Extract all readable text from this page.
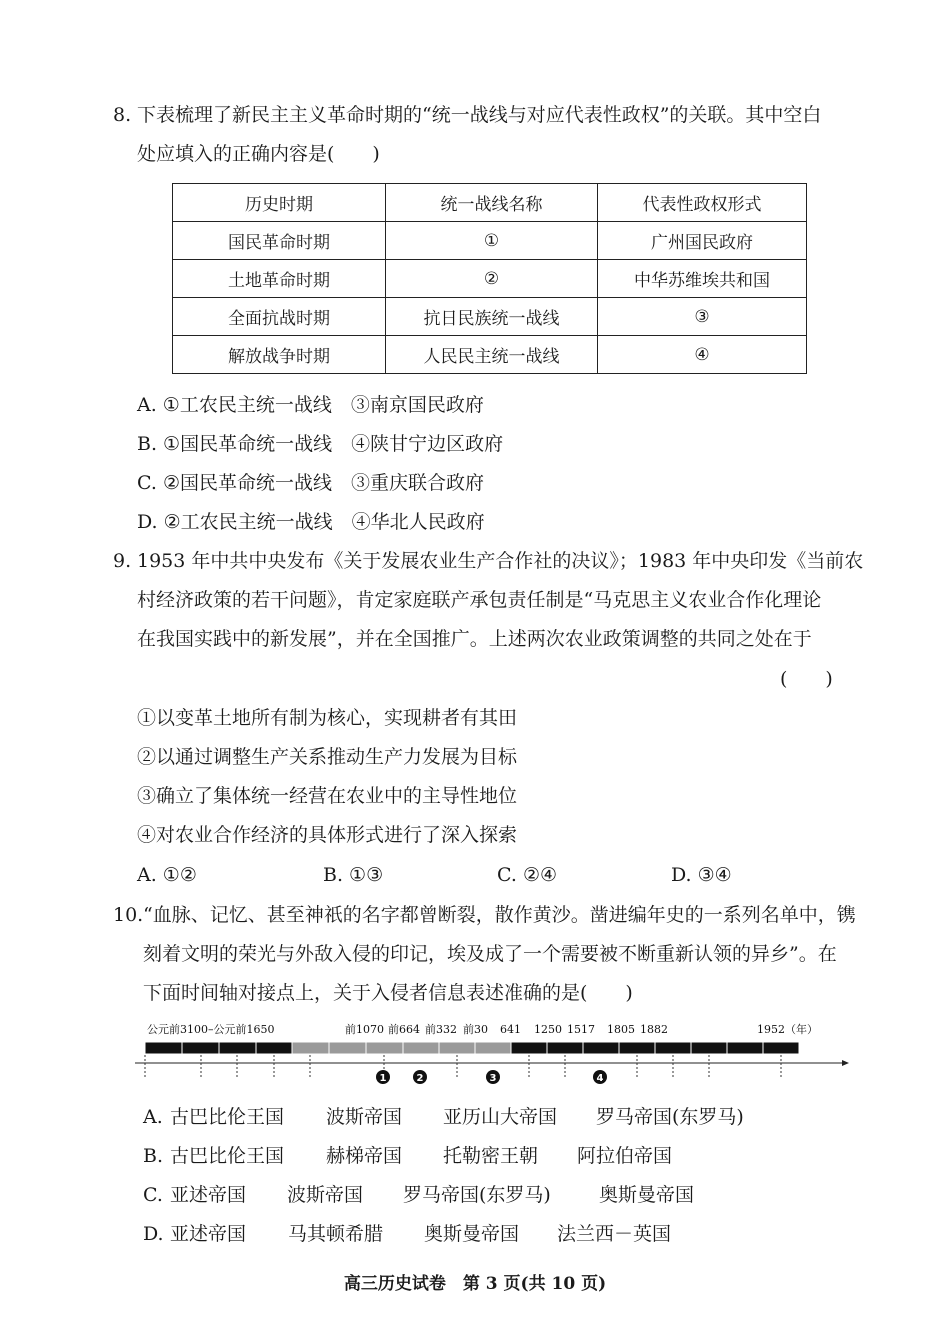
8. 下表梳理了新民主主义革命时期的“统一战线与对应代表性政权”的关联。其中空白
处应填入的正确内容是(　　)
历史时期	统一战线名称	代表性政权形式
国民革命时期	①	广州国民政府
土地革命时期	②	中华苏维埃共和国
全面抗战时期	抗日民族统一战线	③
解放战争时期	人民民主统一战线	④
A. ①工农民主统一战线　③南京国民政府
B. ①国民革命统一战线　④陕甘宁边区政府
C. ②国民革命统一战线　③重庆联合政府
D. ②工农民主统一战线　④华北人民政府
9. 1953 年中共中央发布《关于发展农业生产合作社的决议》；1983 年中央印发《当前农
村经济政策的若干问题》，肯定家庭联产承包责任制是“马克思主义农业合作化理论
在我国实践中的新发展”，并在全国推广。上述两次农业政策调整的共同之处在于
(　　)
①以变革土地所有制为核心，实现耕者有其田
②以通过调整生产关系推动生产力发展为目标
③确立了集体统一经营在农业中的主导性地位
④对农业合作经济的具体形式进行了深入探索
A. ①②	B. ①③	C. ②④	D. ③④
10. “血脉、记忆、甚至神祇的名字都曾断裂，散作黄沙。凿进编年史的一系列名单中，镌
刻着文明的荣光与外敌入侵的印记，埃及成了一个需要被不断重新认领的异乡”。在
下面时间轴对接点上，关于入侵者信息表述准确的是(　　)
公元前3100–公元前1650	前1070 前664 前332 前30 641 1250 1517 1805 1882	1952（年）
1	2	3	4
A. 古巴比伦王国 波斯帝国 亚历山大帝国 罗马帝国(东罗马)
B. 古巴比伦王国 赫梯帝国 托勒密王朝 阿拉伯帝国
C. 亚述帝国 波斯帝国 罗马帝国(东罗马)	奥斯曼帝国
D. 亚述帝国 马其顿希腊 奥斯曼帝国 法兰西－英国
高三历史试卷　第 3 页(共 10 页)
